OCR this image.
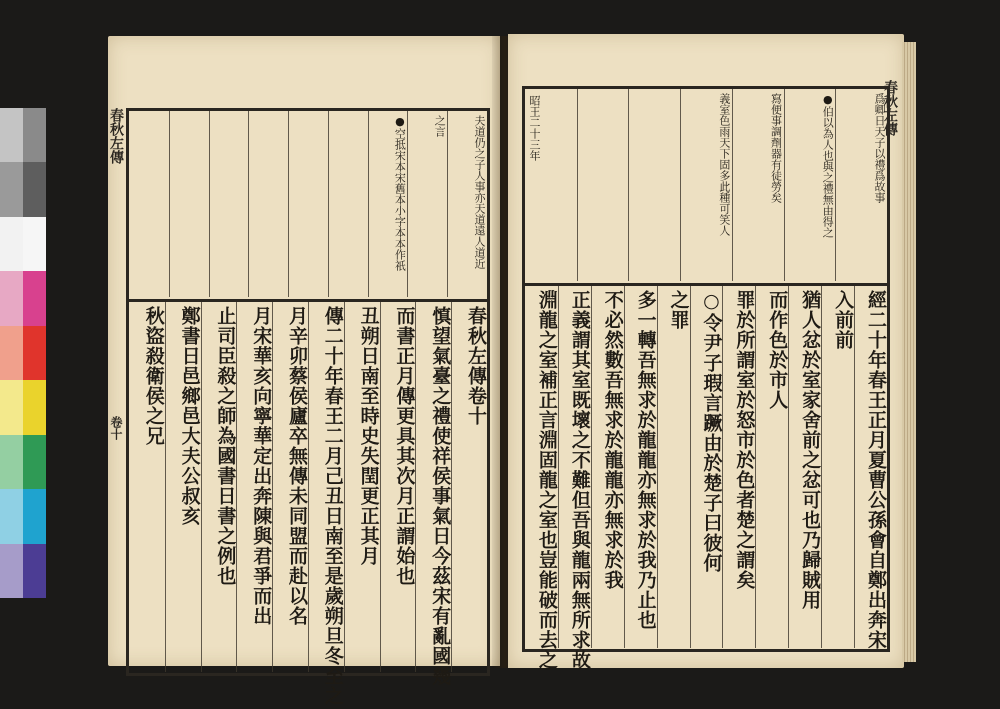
夫道仍之子人事亦天道遠人道近
之言
●空抵宋本宋舊本小字本本作祇
春秋左傳卷十
慎望氣臺之禮使祥侯事氣日今茲宋有亂國幾
而書正月傳更具其次月正謂始也
丑朔日南至時史失閏更正其月
傳二十年春王二月己丑日南至是歲朔旦冬至之
月辛卯蔡侯廬卒無傳未同盟而赴以名
月宋華亥向寧華定出奔陳與君爭而出
止司臣殺之師為國書日書之例也
鄭書日邑鄉邑大夫公叔亥
秋盜殺衛侯之兄
春秋左傳
卷十
爲卿日天子以禮爲故事
●伯以為人也與之禮無由得之
寫便事調劑器有徒勞矣
義室色雨天下固多此種可笑人
昭王二十三年
經二十年春王正月夏曹公孫會自鄭出奔宋
入前前
猶人忿於室家舍前之忿可也乃歸賊用
而作色於市人
罪於所謂室於怒市於色者楚之謂矣
○令尹子瑕言蹶由於楚子曰彼何
之罪
多一轉吾無求於龍龍亦無求於我乃止也
不必然數吾無求於龍龍亦無求於我
正義謂其室既壞之不難但吾與龍兩無所求故
淵龍之室補正言淵固龍之室也豈能破而去之
春秋左傳
